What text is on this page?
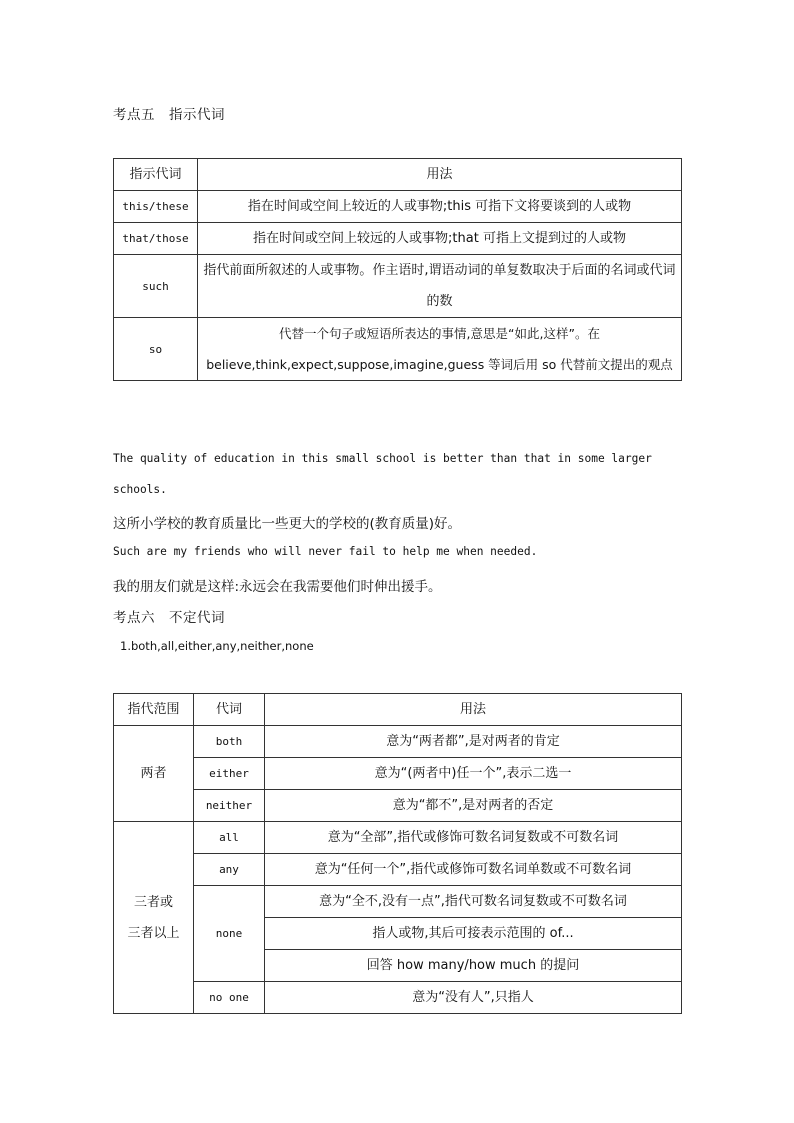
考点五　指示代词
指示代词	用法
this/these	指在时间或空间上较近的人或事物;this 可指下文将要谈到的人或物
that/those	指在时间或空间上较远的人或事物;that 可指上文提到过的人或物
such	指代前面所叙述的人或事物。作主语时,谓语动词的单复数取决于后面的名词或代词的数
so	代替一个句子或短语所表达的事情,意思是“如此,这样”。在 believe,think,expect,suppose,imagine,guess 等词后用 so 代替前文提出的观点
The quality of education in this small school is better than that in some larger
schools.
这所小学校的教育质量比一些更大的学校的(教育质量)好。
Such are my friends who will never fail to help me when needed.
我的朋友们就是这样:永远会在我需要他们时伸出援手。
考点六　不定代词
1.both,all,either,any,neither,none
指代范围	代词	用法
两者	both	意为“两者都”,是对两者的肯定
	either	意为“(两者中)任一个”,表示二选一
	neither	意为“都不”,是对两者的否定

三者或
三者以上	all	意为“全部”,指代或修饰可数名词复数或不可数名词
	any	意为“任何一个”,指代或修饰可数名词单数或不可数名词
	none	意为“全不,没有一点”,指代可数名词复数或不可数名词
		指人或物,其后可接表示范围的 of...
		回答 how many/how much 的提问
	no one	意为“没有人”,只指人
